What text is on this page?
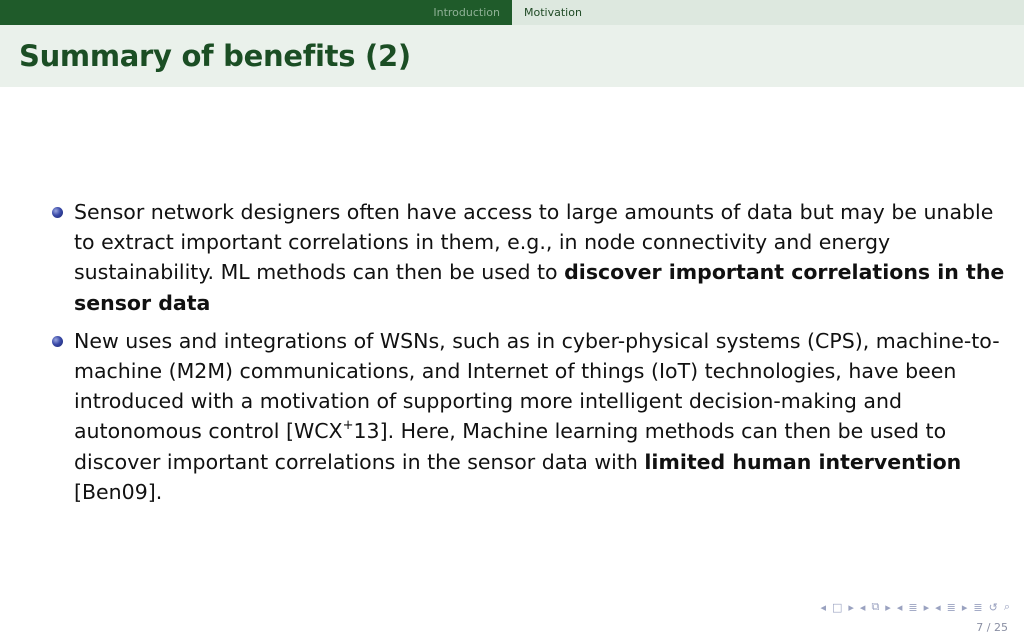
Introduction	Motivation
Summary of benefits (2)
Sensor network designers often have access to large amounts of data but may be unable to extract important correlations in them, e.g., in node connectivity and energy sustainability. ML methods can then be used to discover important correlations in the sensor data
New uses and integrations of WSNs, such as in cyber-physical systems (CPS), machine-to-machine (M2M) communications, and Internet of things (IoT) technologies, have been introduced with a motivation of supporting more intelligent decision-making and autonomous control [WCX+13]. Here, Machine learning methods can then be used to discover important correlations in the sensor data with limited human intervention [Ben09].
◂ □ ▸ ◂ ⧉ ▸ ◂ ≣ ▸ ◂ ≣ ▸ ≣ ↺ ⌕
7 / 25
